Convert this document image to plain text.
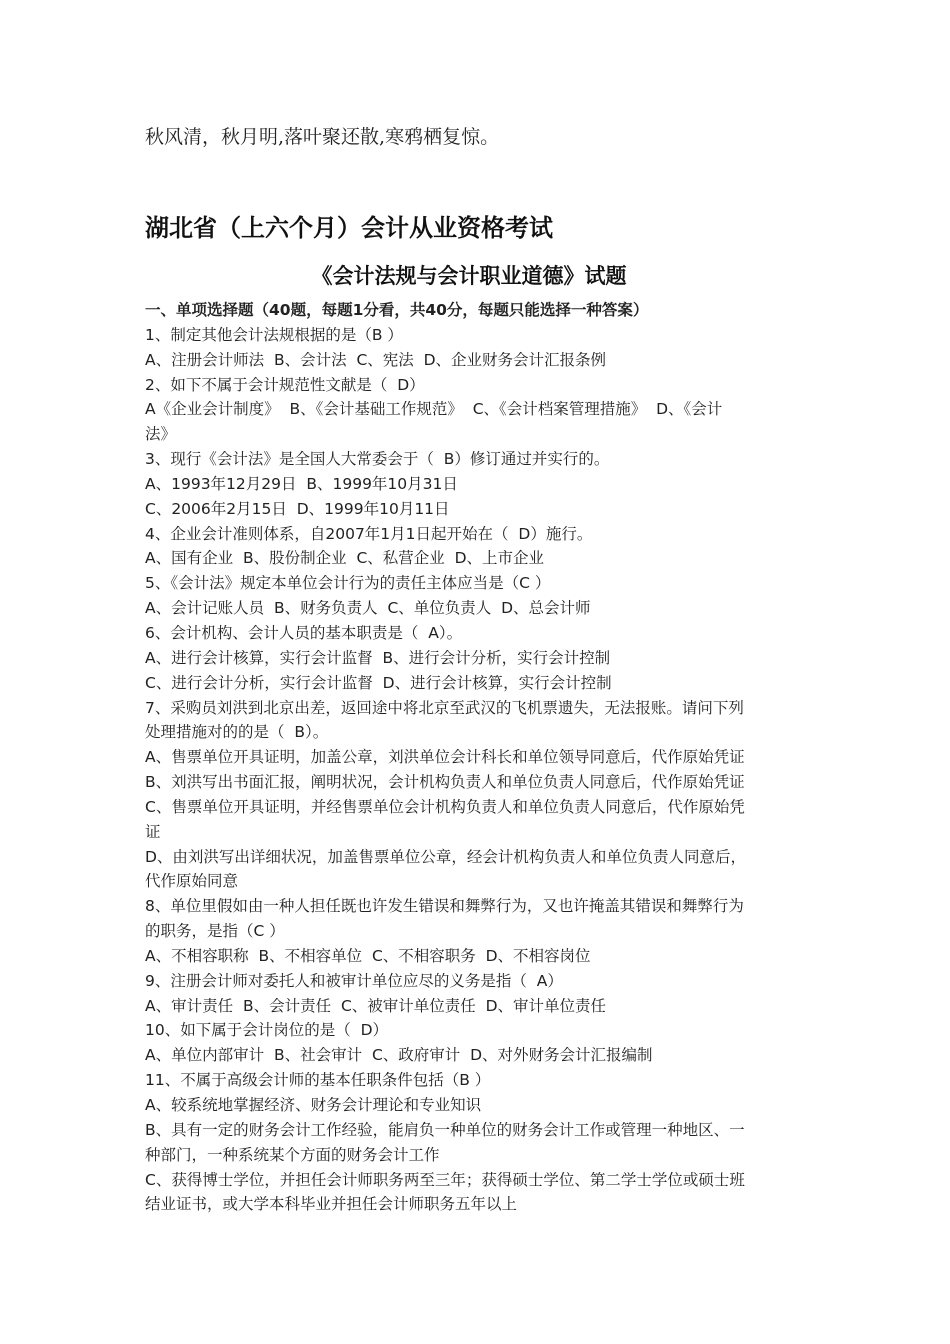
秋风清，秋月明,落叶聚还散,寒鸦栖复惊。
湖北省（上六个月）会计从业资格考试
《会计法规与会计职业道德》试题
一、单项选择题（40题，每题1分看，共40分，每题只能选择一种答案）
1、制定其他会计法规根据的是（B ）
A、注册会计师法  B、会计法  C、宪法  D、企业财务会计汇报条例
2、如下不属于会计规范性文献是（  D）
A《企业会计制度》  B、《会计基础工作规范》  C、《会计档案管理措施》  D、《会计
法》
3、现行《会计法》是全国人大常委会于（  B）修订通过并实行的。
A、1993年12月29日  B、1999年10月31日
C、2006年2月15日  D、1999年10月11日
4、企业会计准则体系，自2007年1月1日起开始在（  D）施行。
A、国有企业  B、股份制企业  C、私营企业  D、上市企业
5、《会计法》规定本单位会计行为的责任主体应当是（C ）
A、会计记账人员  B、财务负责人  C、单位负责人  D、总会计师
6、会计机构、会计人员的基本职责是（  A）。
A、进行会计核算，实行会计监督  B、进行会计分析，实行会计控制
C、进行会计分析，实行会计监督  D、进行会计核算，实行会计控制
7、采购员刘洪到北京出差，返回途中将北京至武汉的飞机票遗失，无法报账。请问下列
处理措施对的的是（  B）。
A、售票单位开具证明，加盖公章，刘洪单位会计科长和单位领导同意后，代作原始凭证
B、刘洪写出书面汇报，阐明状况，会计机构负责人和单位负责人同意后，代作原始凭证
C、售票单位开具证明，并经售票单位会计机构负责人和单位负责人同意后，代作原始凭
证
D、由刘洪写出详细状况，加盖售票单位公章，经会计机构负责人和单位负责人同意后，
代作原始同意
8、单位里假如由一种人担任既也许发生错误和舞弊行为，又也许掩盖其错误和舞弊行为
的职务，是指（C ）
A、不相容职称  B、不相容单位  C、不相容职务  D、不相容岗位
9、注册会计师对委托人和被审计单位应尽的义务是指（  A）
A、审计责任  B、会计责任  C、被审计单位责任  D、审计单位责任
10、如下属于会计岗位的是（  D）
A、单位内部审计  B、社会审计  C、政府审计  D、对外财务会计汇报编制
11、不属于高级会计师的基本任职条件包括（B ）
A、较系统地掌握经济、财务会计理论和专业知识
B、具有一定的财务会计工作经验，能肩负一种单位的财务会计工作或管理一种地区、一
种部门，一种系统某个方面的财务会计工作
C、获得博士学位，并担任会计师职务两至三年；获得硕士学位、第二学士学位或硕士班
结业证书，或大学本科毕业并担任会计师职务五年以上
